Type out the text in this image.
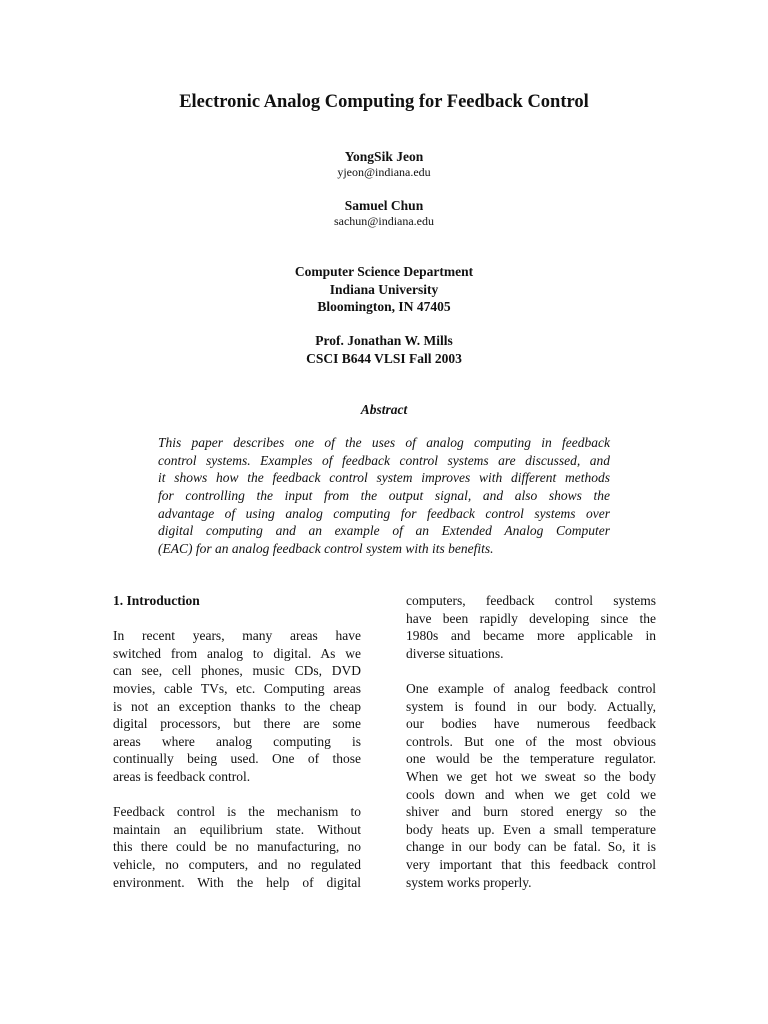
Electronic Analog Computing for Feedback Control
YongSik Jeon
yjeon@indiana.edu
Samuel Chun
sachun@indiana.edu
Computer Science Department
Indiana University
Bloomington, IN 47405
Prof. Jonathan W. Mills
CSCI B644 VLSI Fall 2003
Abstract
This paper describes one of the uses of analog computing in feedback
control systems. Examples of feedback control systems are discussed, and
it shows how the feedback control system improves with different methods
for controlling the input from the output signal, and also shows the
advantage of using analog computing for feedback control systems over
digital computing and an example of an Extended Analog Computer
(EAC) for an analog feedback control system with its benefits.
1. Introduction
In recent years, many areas have
switched from analog to digital. As we
can see, cell phones, music CDs, DVD
movies, cable TVs, etc. Computing areas
is not an exception thanks to the cheap
digital processors, but there are some
areas where analog computing is
continually being used. One of those
areas is feedback control.
Feedback control is the mechanism to
maintain an equilibrium state. Without
this there could be no manufacturing, no
vehicle, no computers, and no regulated
environment. With the help of digital
computers, feedback control systems
have been rapidly developing since the
1980s and became more applicable in
diverse situations.
One example of analog feedback control
system is found in our body. Actually,
our bodies have numerous feedback
controls. But one of the most obvious
one would be the temperature regulator.
When we get hot we sweat so the body
cools down and when we get cold we
shiver and burn stored energy so the
body heats up. Even a small temperature
change in our body can be fatal. So, it is
very important that this feedback control
system works properly.
